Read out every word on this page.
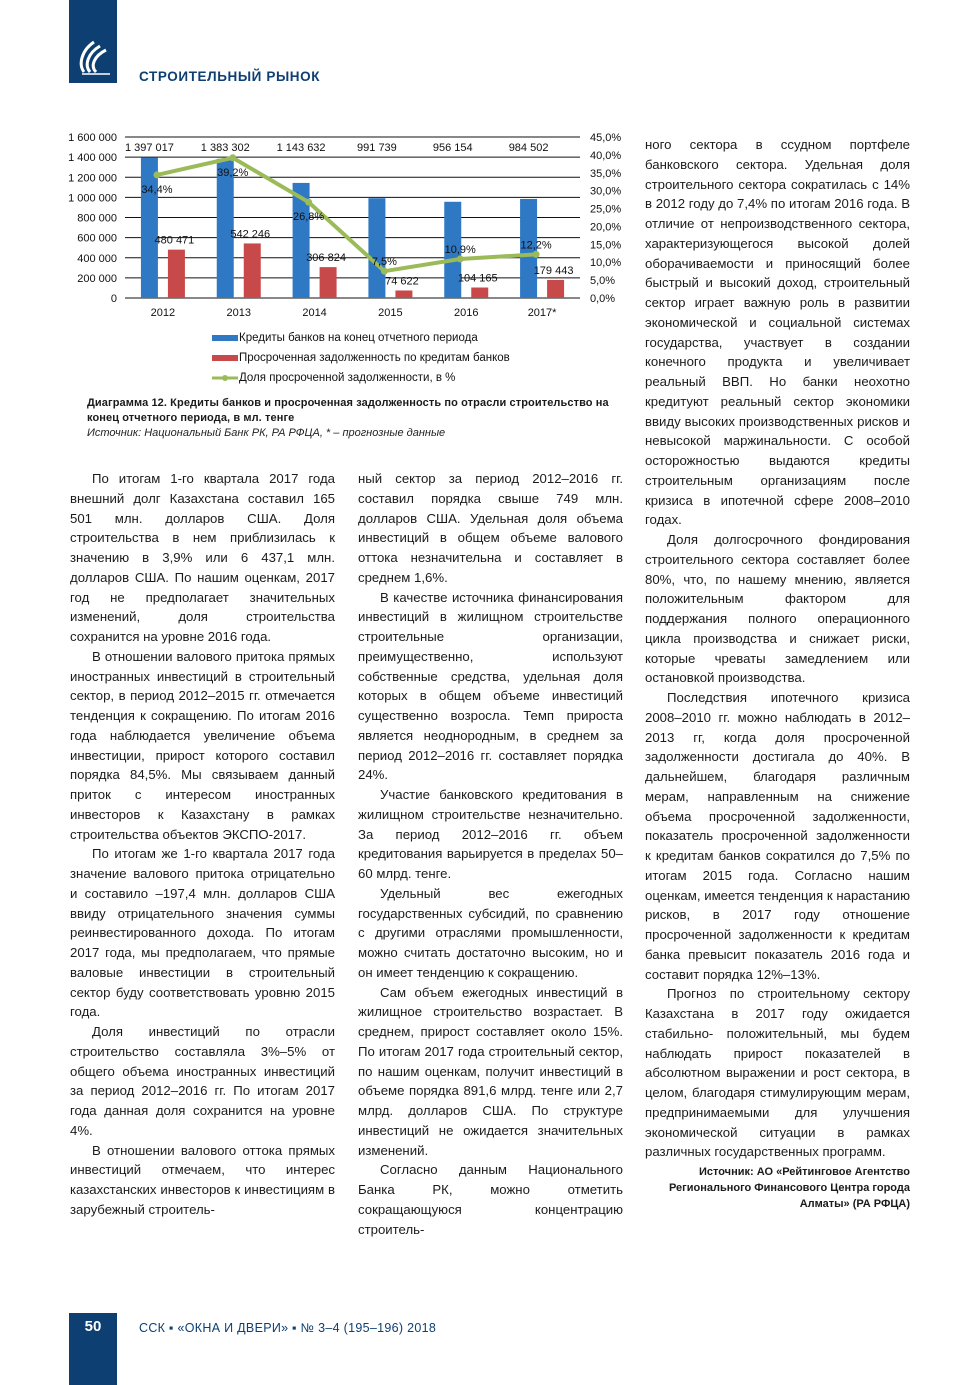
СТРОИТЕЛЬНЫЙ РЫНОК
0
200 000
400 000
600 000
800 000
1 000 000
1 200 000
1 400 000
1 600 000
0,0%
5,0%
10,0%
15,0%
20,0%
25,0%
30,0%
35,0%
40,0%
45,0%
1 397 017
480 471
2012
1 383 302
542 246
2013
1 143 632
306 824
2014
991 739
74 622
2015
956 154
104 165
2016
984 502
179 443
2017*
34,4%
39,2%
26,8%
7,5%
10,9%	12,2%
Кредиты банков на конец отчетного периода
Просроченная задолженность по кредитам банков
Доля просроченной задолженности, в %
Диаграмма 12. Кредиты банков и просроченная задолженность по отрасли строительство на конец отчетного периода, в мл. тенге
Источник: Национальный Банк РК, РА РФЦА, * – прогнозные данные

По итогам 1-го квартала 2017 года внешний долг Казахстана составил 165 501 млн. долларов США. Доля строительства в нем приблизилась к значению в 3,9% или 6 437,1 млн. долларов США. По нашим оценкам, 2017 год не предполагает значительных изменений, доля строительства сохранится на уровне 2016 года.

В отношении валового притока прямых иностранных инвестиций в строительный сектор, в период 2012–2015 гг. отмечается тенденция к сокращению. По итогам 2016 года наблюдается увеличение объема инвестиции, прирост которого составил порядка 84,5%. Мы связываем данный приток с интересом иностранных инвесторов к Казахстану в рамках строительства объектов ЭКСПО-2017.

По итогам же 1-го квартала 2017 года значение валового притока отрицательно и составило –197,4 млн. долларов США ввиду отрицательного значения суммы реинвестированного дохода. По итогам 2017 года, мы предполагаем, что прямые валовые инвестиции в строительный сектор буду соответствовать уровню 2015 года.

Доля инвестиций по отрасли строительство составляла 3%–5% от общего объема иностранных инвестиций за период 2012–2016 гг. По итогам 2017 года данная доля сохранится на уровне 4%.

В отношении валового оттока прямых инвестиций отмечаем, что интерес казахстанских инвесторов к инвестициям в зарубежный строитель-

ный сектор за период 2012–2016 гг. составил порядка свыше 749 млн. долларов США. Удельная доля объема инвестиций в общем объеме валового оттока незначительна и составляет в среднем 1,6%.

В качестве источника финансирования инвестиций в жилищном строительстве строительные организации, преимущественно, используют собственные средства, удельная доля которых в общем объеме инвестиций существенно возросла. Темп прироста является неоднородным, в среднем за период 2012–2016 гг. составляет порядка 24%.

Участие банковского кредитования в жилищном строительстве незначительно. За период 2012–2016 гг. объем кредитования варьируется в пределах 50–60 млрд. тенге.

Удельный вес ежегодных государственных субсидий, по сравнению с другими отраслями промышленности, можно считать достаточно высоким, но и он имеет тенденцию к сокращению.

Сам объем ежегодных инвестиций в жилищное строительство возрастает. В среднем, прирост составляет около 15%. По итогам 2017 года строительный сектор, по нашим оценкам, получит инвестиций в объеме порядка 891,6 млрд. тенге или 2,7 млрд. долларов США. По структуре инвестиций не ожидается значительных изменений.

Согласно данным Национального Банка РК, можно отметить сокращающуюся концентрацию строитель-

ного сектора в ссудном портфеле банковского сектора. Удельная доля строительного сектора сократилась с 14% в 2012 году до 7,4% по итогам 2016 года. В отличие от непроизводственного сектора, характеризующегося высокой долей оборачиваемости и приносящий более быстрый и высокий доход, строительный сектор играет важную роль в развитии экономической и социальной системах государства, участвует в создании конечного продукта и увеличивает реальный ВВП. Но банки неохотно кредитуют реальный сектор экономики ввиду высоких производственных рисков и невысокой маржинальности. С особой осторожностью выдаются кредиты строительным организациям после кризиса в ипотечной сфере 2008–2010 годах.

Доля долгосрочного фондирования строительного сектора составляет более 80%, что, по нашему мнению, является положительным фактором для поддержания полного операционного цикла производства и снижает риски, которые чреваты замедлением или остановкой производства.

Последствия ипотечного кризиса 2008–2010 гг. можно наблюдать в 2012–2013 гг, когда доля просроченной задолженности достигала до 40%. В дальнейшем, благодаря различным мерам, направленным на снижение объема просроченной задолженности, показатель просроченной задолженности к кредитам банков сократился до 7,5% по итогам 2015 года. Согласно нашим оценкам, имеется тенденция к нарастанию рисков, в 2017 году отношение просроченной задолженности к кредитам банка превысит показатель 2016 года и составит порядка 12%–13%.

Прогноз по строительному сектору Казахстана в 2017 году ожидается стабильно- положительный, мы будем наблюдать прирост показателей в абсолютном выражении и рост сектора, в целом, благодаря стимулирующим мерам, предпринимаемыми для улучшения экономической ситуации в рамках различных государственных программ.

Источник: АО «Рейтинговое Агентство Регионального Финансового Центра города Алматы» (РА РФЦА)
50	ССК ▪ «ОКНА И ДВЕРИ» ▪ № 3–4 (195–196) 2018
